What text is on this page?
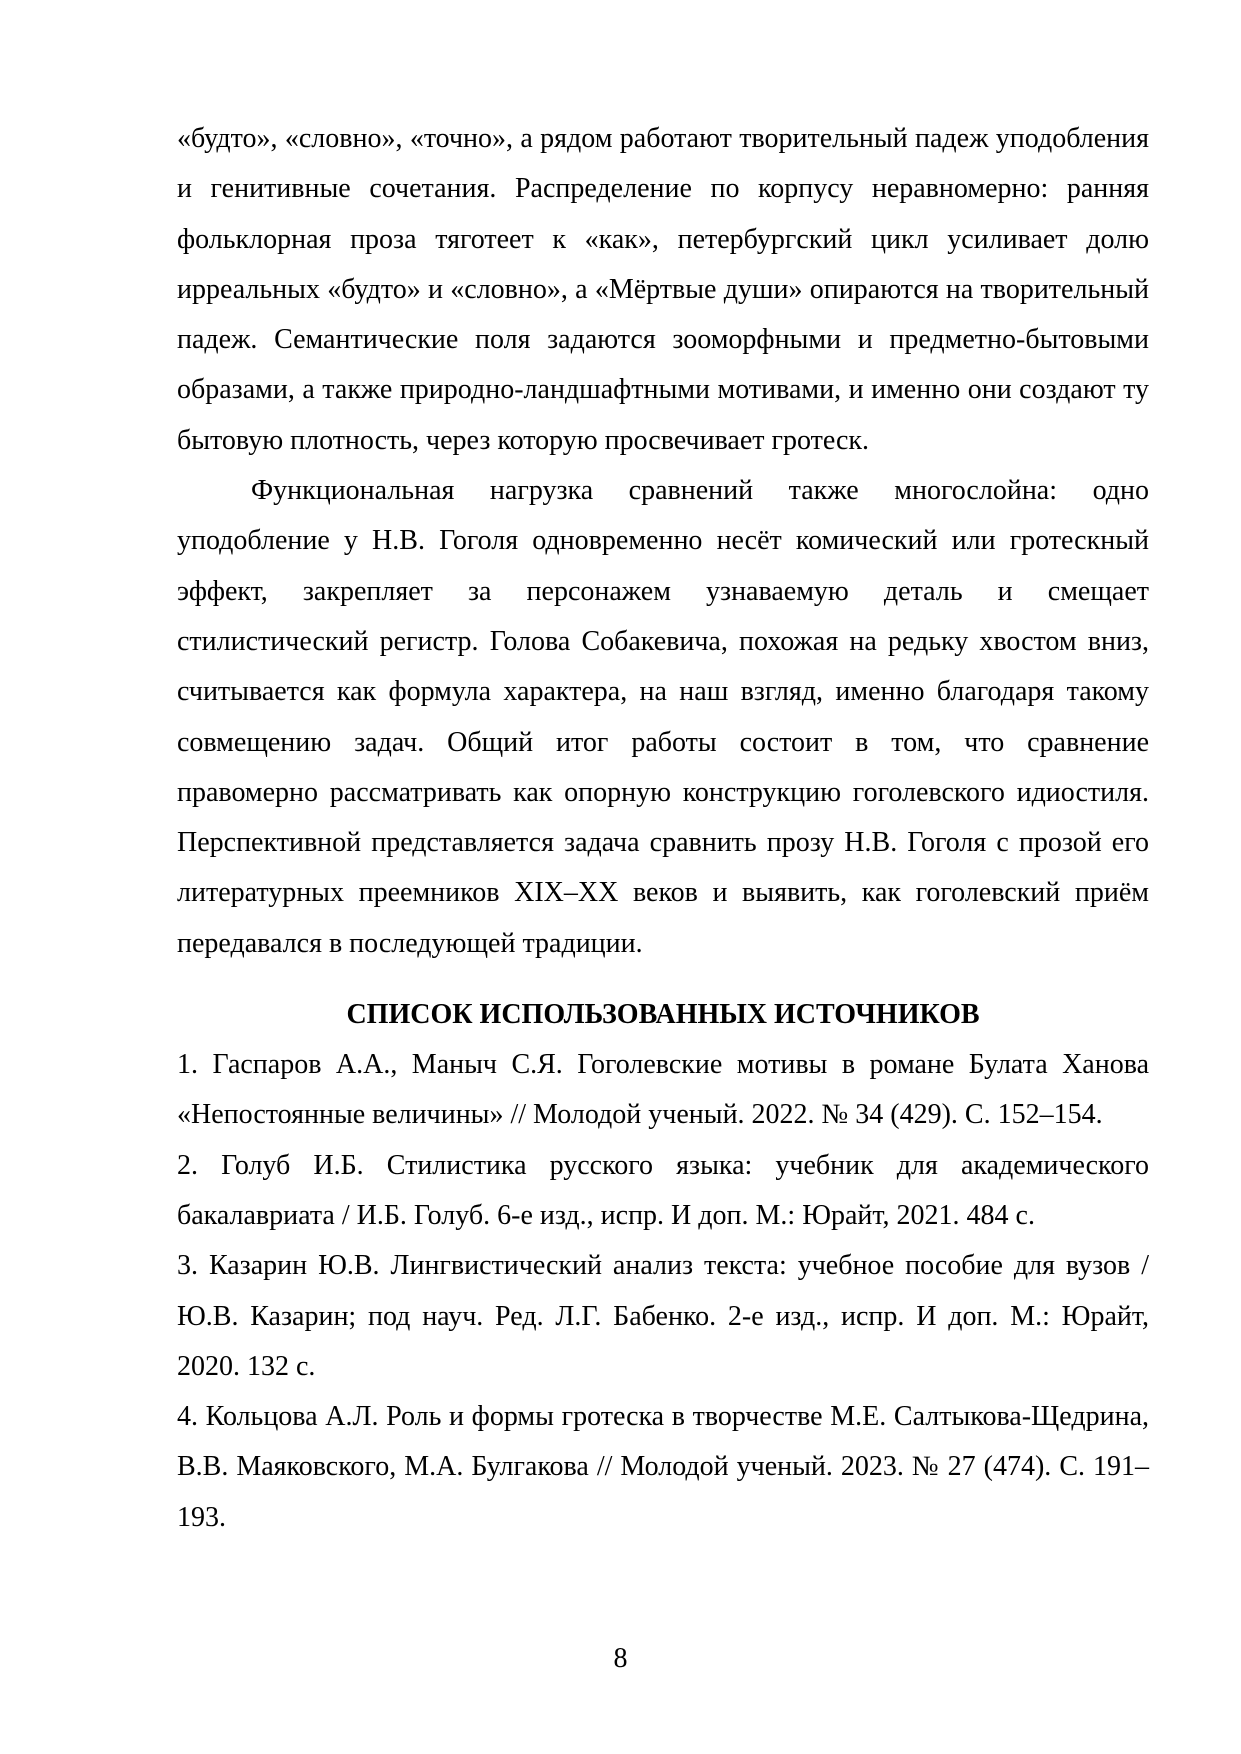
«будто», «словно», «точно», а рядом работают творительный падеж уподобления и генитивные сочетания. Распределение по корпусу неравномерно: ранняя фольклорная проза тяготеет к «как», петербургский цикл усиливает долю ирреальных «будто» и «словно», а «Мёртвые души» опираются на творительный падеж. Семантические поля задаются зооморфными и предметно-бытовыми образами, а также природно-ландшафтными мотивами, и именно они создают ту бытовую плотность, через которую просвечивает гротеск.

Функциональная нагрузка сравнений также многослойна: одно уподобление у Н.В. Гоголя одновременно несёт комический или гротескный эффект, закрепляет за персонажем узнаваемую деталь и смещает стилистический регистр. Голова Собакевича, похожая на редьку хвостом вниз, считывается как формула характера, на наш взгляд, именно благодаря такому совмещению задач. Общий итог работы состоит в том, что сравнение правомерно рассматривать как опорную конструкцию гоголевского идиостиля. Перспективной представляется задача сравнить прозу Н.В. Гоголя с прозой его литературных преемников XIX–XX веков и выявить, как гоголевский приём передавался в последующей традиции.

СПИСОК ИСПОЛЬЗОВАННЫХ ИСТОЧНИКОВ

1. Гаспаров А.А., Маныч С.Я. Гоголевские мотивы в романе Булата Ханова «Непостоянные величины» // Молодой ученый. 2022. № 34 (429). С. 152–154.

2. Голуб И.Б. Стилистика русского языка: учебник для академического бакалавриата / И.Б. Голуб. 6-е изд., испр. И доп. М.: Юрайт, 2021. 484 с.

3. Казарин Ю.В. Лингвистический анализ текста: учебное пособие для вузов / Ю.В. Казарин; под науч. Ред. Л.Г. Бабенко. 2-е изд., испр. И доп. М.: Юрайт, 2020. 132 с.

4. Кольцова А.Л. Роль и формы гротеска в творчестве М.Е. Салтыкова-Щедрина, В.В. Маяковского, М.А. Булгакова // Молодой ученый. 2023. № 27 (474). С. 191–193.

8
